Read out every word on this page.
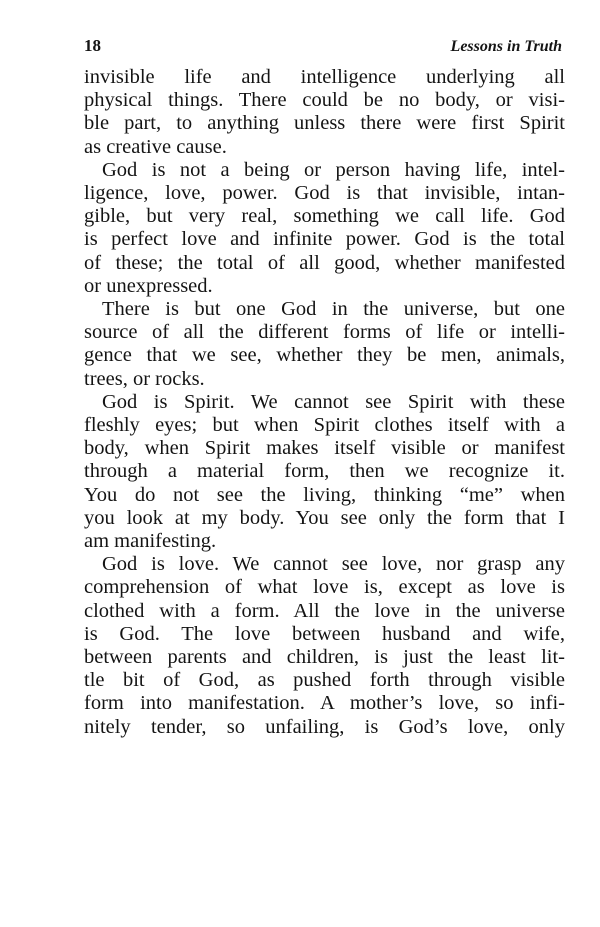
18	Lessons in Truth
invisible life and intelligence underlying all
physical things. There could be no body, or visi-
ble part, to anything unless there were first Spirit
as creative cause.
God is not a being or person having life, intel-
ligence, love, power. God is that invisible, intan-
gible, but very real, something we call life. God
is perfect love and infinite power. God is the total
of these; the total of all good, whether manifested
or unexpressed.
There is but one God in the universe, but one
source of all the different forms of life or intelli-
gence that we see, whether they be men, animals,
trees, or rocks.
God is Spirit. We cannot see Spirit with these
fleshly eyes; but when Spirit clothes itself with a
body, when Spirit makes itself visible or manifest
through a material form, then we recognize it.
You do not see the living, thinking “me” when
you look at my body. You see only the form that I
am manifesting.
God is love. We cannot see love, nor grasp any
comprehension of what love is, except as love is
clothed with a form. All the love in the universe
is God. The love between husband and wife,
between parents and children, is just the least lit-
tle bit of God, as pushed forth through visible
form into manifestation. A mother’s love, so infi-
nitely tender, so unfailing, is God’s love, only
